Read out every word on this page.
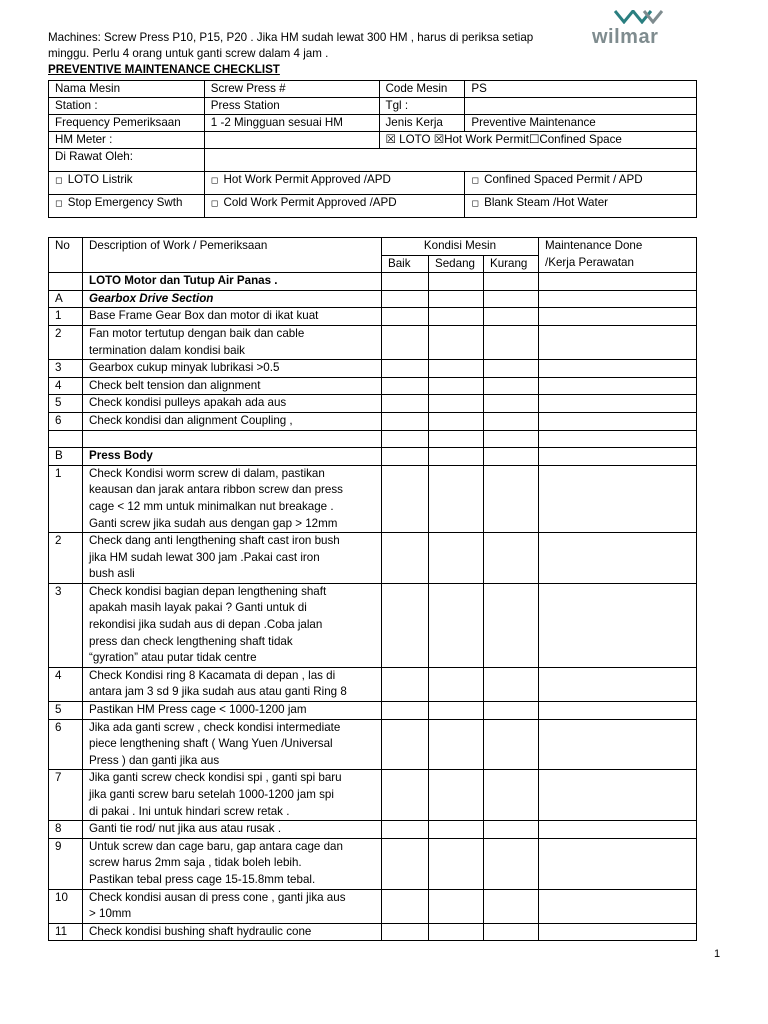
Machines: Screw Press P10, P15, P20 . Jika HM sudah lewat 300 HM , harus di periksa setiap
minggu. Perlu 4 orang untuk ganti screw dalam 4 jam .
PREVENTIVE MAINTENANCE CHECKLIST
wilmar
Nama Mesin	Screw Press #	Code Mesin	PS
Station :	Press Station	Tgl :	
Frequency Pemeriksaan	1 -2 Mingguan sesuai HM	Jenis Kerja	Preventive Maintenance
HM Meter :		☒ LOTO ☒Hot Work Permit☐Confined Space	
Di Rawat Oleh:			
◻ LOTO Listrik	◻ Hot Work Permit Approved /APD		◻ Confined Spaced Permit / APD
◻ Stop Emergency Swth	◻ Cold Work Permit Approved /APD		◻ Blank Steam /Hot Water
No	Description of Work / Pemeriksaan	Kondisi Mesin			Maintenance Done
/Kerja Perawatan

		Baik	Sedang	Kurang	
	LOTO Motor dan Tutup Air Panas .				
A	Gearbox Drive Section				
1	Base Frame Gear Box dan motor di ikat kuat				

2	Fan motor tertutup dengan baik dan cable
termination dalam kondisi baik				

3	Gearbox cukup minyak lubrikasi >0.5				

4	Check belt tension dan alignment				

5	Check kondisi pulleys apakah ada aus				

6	Check kondisi dan alignment Coupling ,				

B	Press Body				
1	Check Kondisi worm screw di dalam, pastikan
keausan dan jarak antara ribbon screw dan press
cage < 12 mm untuk minimalkan nut breakage .
Ganti screw jika sudah aus dengan gap > 12mm				

2	Check dang anti lengthening shaft cast iron bush
jika HM sudah lewat 300 jam .Pakai cast iron
bush asli				

3	Check kondisi bagian depan lengthening shaft
apakah masih layak pakai ? Ganti untuk di
rekondisi jika sudah aus di depan .Coba jalan
press dan check lengthening shaft tidak
“gyration” atau putar tidak centre				

4	Check Kondisi ring 8 Kacamata di depan , las di
antara jam 3 sd 9 jika sudah aus atau ganti Ring 8				

5	Pastikan HM Press cage < 1000-1200 jam				

6	Jika ada ganti screw , check kondisi intermediate
piece lengthening shaft ( Wang Yuen /Universal
Press ) dan ganti jika aus				

7	Jika ganti screw check kondisi spi , ganti spi baru
jika ganti screw baru setelah 1000-1200 jam spi
di pakai . Ini untuk hindari screw retak .				

8	Ganti tie rod/ nut jika aus atau rusak .				

9	Untuk screw dan cage baru, gap antara cage dan
screw harus 2mm saja , tidak boleh lebih.
Pastikan tebal press cage 15-15.8mm tebal.				

10	Check kondisi ausan di press cone , ganti jika aus
> 10mm				

11	Check kondisi bushing shaft hydraulic cone				

1
